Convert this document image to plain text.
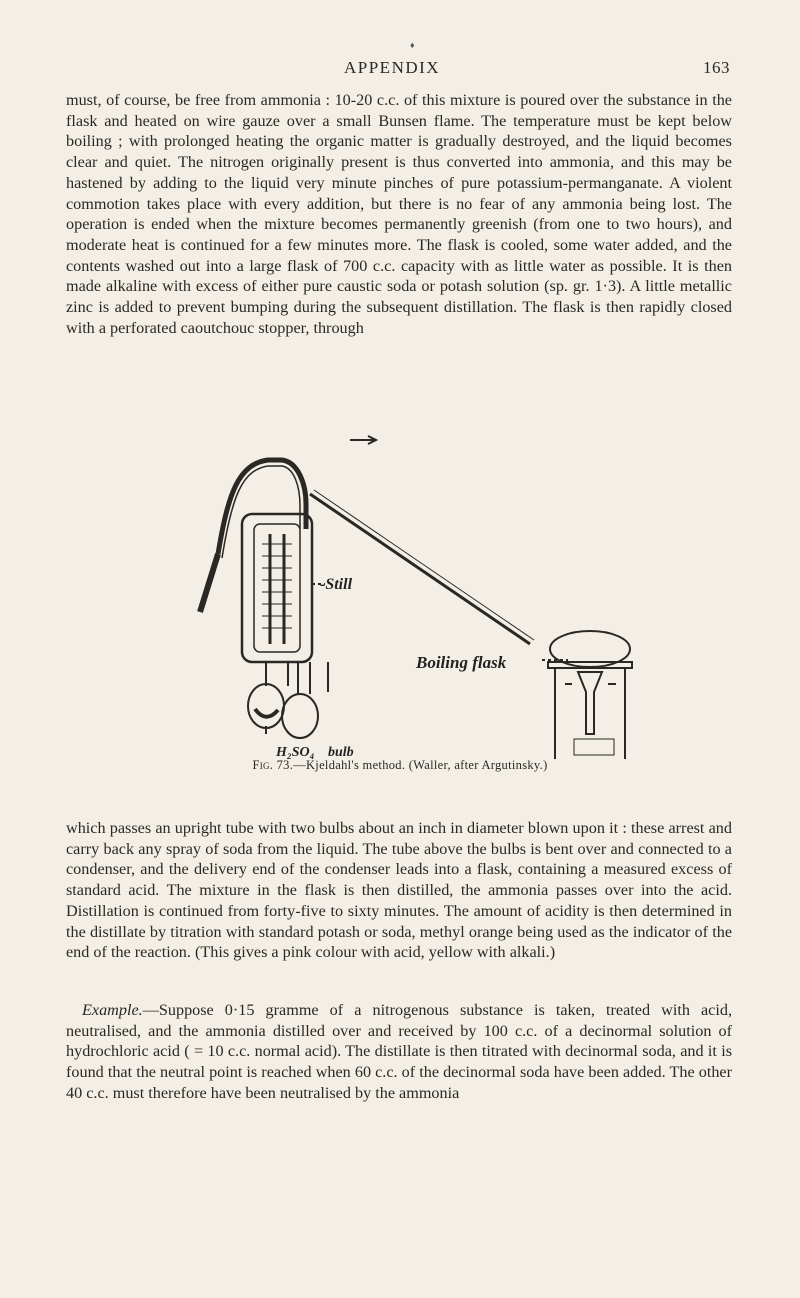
♦
APPENDIX	163

must, of course, be free from ammonia : 10-20 c.c. of this mixture is poured over the substance in the flask and heated on wire gauze over a small Bunsen flame. The temperature must be kept below boiling ; with prolonged heating the organic matter is gradually destroyed, and the liquid becomes clear and quiet. The nitrogen originally present is thus converted into ammonia, and this may be hastened by adding to the liquid very minute pinches of pure potassium-permanganate. A violent commotion takes place with every addition, but there is no fear of any ammonia being lost. The operation is ended when the mixture becomes permanently greenish (from one to two hours), and moderate heat is continued for a few minutes more. The flask is cooled, some water added, and the contents washed out into a large flask of 700 c.c. capacity with as little water as possible. It is then made alkaline with excess of either pure caustic soda or potash solution (sp. gr. 1·3). A little metallic zinc is added to prevent bumping during the subsequent distillation. The flask is then rapidly closed with a perforated caoutchouc stopper, through

-Still
Boiling flask
H₂SO₄ bulb
Fig. 73.—Kjeldahl's method. (Waller, after Argutinsky.)

which passes an upright tube with two bulbs about an inch in diameter blown upon it : these arrest and carry back any spray of soda from the liquid. The tube above the bulbs is bent over and connected to a condenser, and the delivery end of the condenser leads into a flask, containing a measured excess of standard acid. The mixture in the flask is then distilled, the ammonia passes over into the acid. Distillation is continued from forty-five to sixty minutes. The amount of acidity is then determined in the distillate by titration with standard potash or soda, methyl orange being used as the indicator of the end of the reaction. (This gives a pink colour with acid, yellow with alkali.)

Example.—Suppose 0·15 gramme of a nitrogenous substance is taken, treated with acid, neutralised, and the ammonia distilled over and received by 100 c.c. of a decinormal solution of hydrochloric acid ( = 10 c.c. normal acid). The distillate is then titrated with decinormal soda, and it is found that the neutral point is reached when 60 c.c. of the decinormal soda have been added. The other 40 c.c. must therefore have been neutralised by the ammonia
